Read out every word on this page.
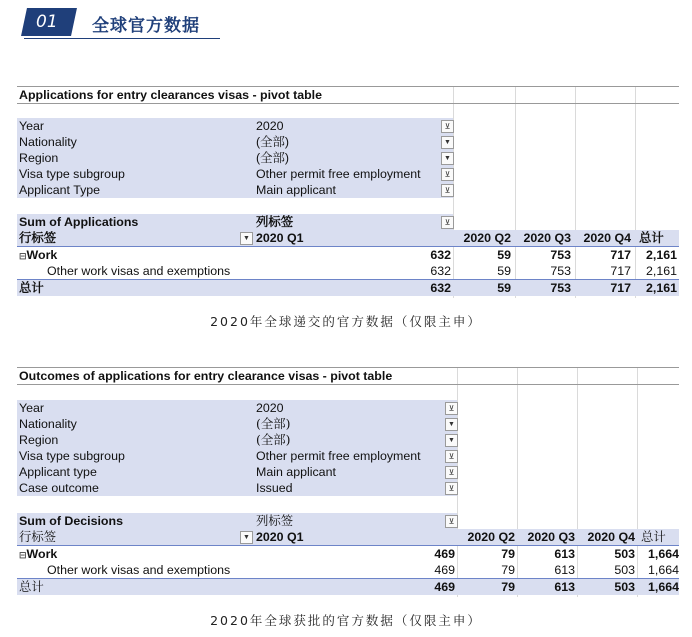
01 全球官方数据
Applications for entry clearances visas - pivot table
Year	2020	⊻
Nationality	(全部)	▼
Region	(全部)	▼
Visa type subgroup	Other permit free employment	⊻
Applicant Type	Main applicant	⊻
Sum of Applications	列标签	⊻
行标签	▼ 2020 Q1	2020 Q2	2020 Q3	2020 Q4 总计
⊟Work	632	59	753	717	2,161
Other work visas and exemptions	632	59	753	717	2,161
总计	632	59	753	717	2,161
2020年全球递交的官方数据（仅限主申）
Outcomes of applications for entry clearance visas - pivot table
Year	2020	⊻
Nationality	(全部)	▼
Region	(全部)	▼
Visa type subgroup	Other permit free employment	⊻
Applicant type	Main applicant	⊻
Case outcome	Issued	⊻
Sum of Decisions	列标签	⊻
行标签	▼ 2020 Q1	2020 Q2	2020 Q3	2020 Q4 总计
⊟Work	469	79	613	503	1,664
Other work visas and exemptions	469	79	613	503	1,664
总计	469	79	613	503	1,664
2020年全球获批的官方数据（仅限主申）
